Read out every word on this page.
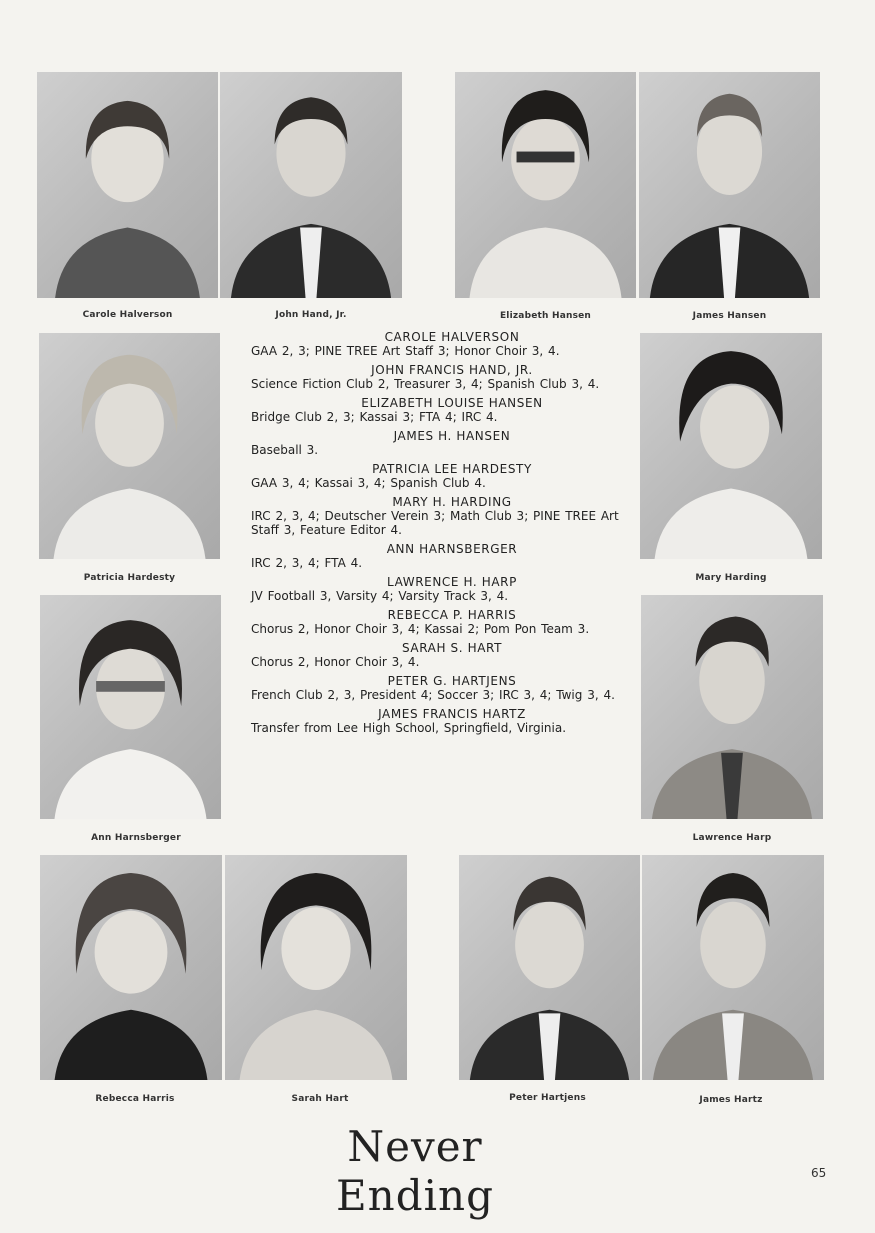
Carole Halverson	John Hand, Jr.	Elizabeth Hansen	James Hansen
Patricia Hardesty	Mary Harding
Ann Harnsberger	Lawrence Harp
CAROLE HALVERSON
GAA 2, 3; PINE TREE Art Staff 3; Honor Choir 3, 4.
JOHN FRANCIS HAND, JR.
Science Fiction Club 2, Treasurer 3, 4; Spanish Club 3, 4.
ELIZABETH LOUISE HANSEN
Bridge Club 2, 3; Kassai 3; FTA 4; IRC 4.
JAMES H. HANSEN
Baseball 3.
PATRICIA LEE HARDESTY
GAA 3, 4; Kassai 3, 4; Spanish Club 4.
MARY H. HARDING
IRC 2, 3, 4; Deutscher Verein 3; Math Club 3; PINE TREE Art Staff 3, Feature Editor 4.
ANN HARNSBERGER
IRC 2, 3, 4; FTA 4.
LAWRENCE H. HARP
JV Football 3, Varsity 4; Varsity Track 3, 4.
REBECCA P. HARRIS
Chorus 2, Honor Choir 3, 4; Kassai 2; Pom Pon Team 3.
SARAH S. HART
Chorus 2, Honor Choir 3, 4.
PETER G. HARTJENS
French Club 2, 3, President 4; Soccer 3; IRC 3, 4; Twig 3, 4.
JAMES FRANCIS HARTZ
Transfer from Lee High School, Springfield, Virginia.
Rebecca Harris	Sarah Hart	Peter Hartjens	James Hartz
Never Ending	65
